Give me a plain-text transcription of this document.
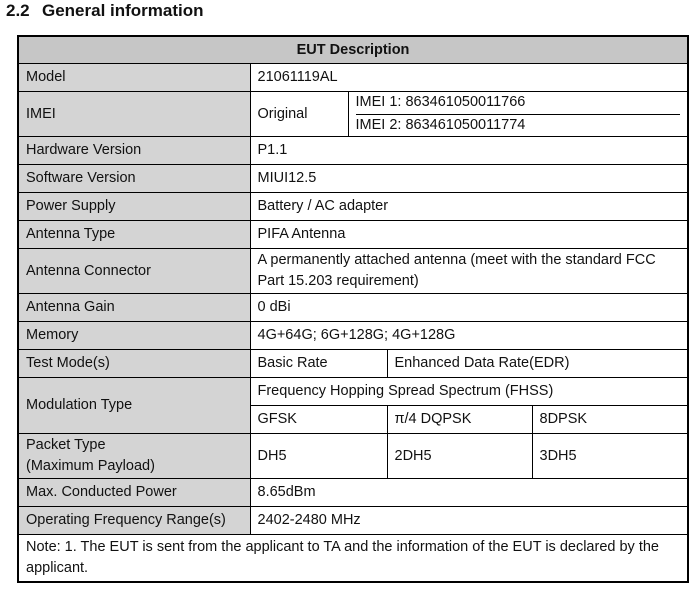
2.2 General information
EUT Description				
Model	21061119AL			
IMEI	Original	IMEI 1: 863461050011766
IMEI 2: 863461050011774		

Hardware Version	P1.1			
Software Version	MIUI12.5			
Power Supply	Battery / AC adapter			
Antenna Type	PIFA Antenna			
Antenna Connector	A permanently attached antenna (meet with the standard FCC Part 15.203 requirement)			
Antenna Gain	0 dBi			
Memory	4G+64G; 6G+128G; 4G+128G			
Test Mode(s)	Basic Rate		Enhanced Data Rate(EDR)	
Modulation Type	Frequency Hopping Spread Spectrum (FHSS)			
	GFSK		π/4 DQPSK	8DPSK

Packet Type
(Maximum Payload)	DH5		2DH5	3DH5
Max. Conducted Power	8.65dBm			
Operating Frequency Range(s)	2402-2480 MHz			
Note: 1. The EUT is sent from the applicant to TA and the information of the EUT is declared by the applicant.				
